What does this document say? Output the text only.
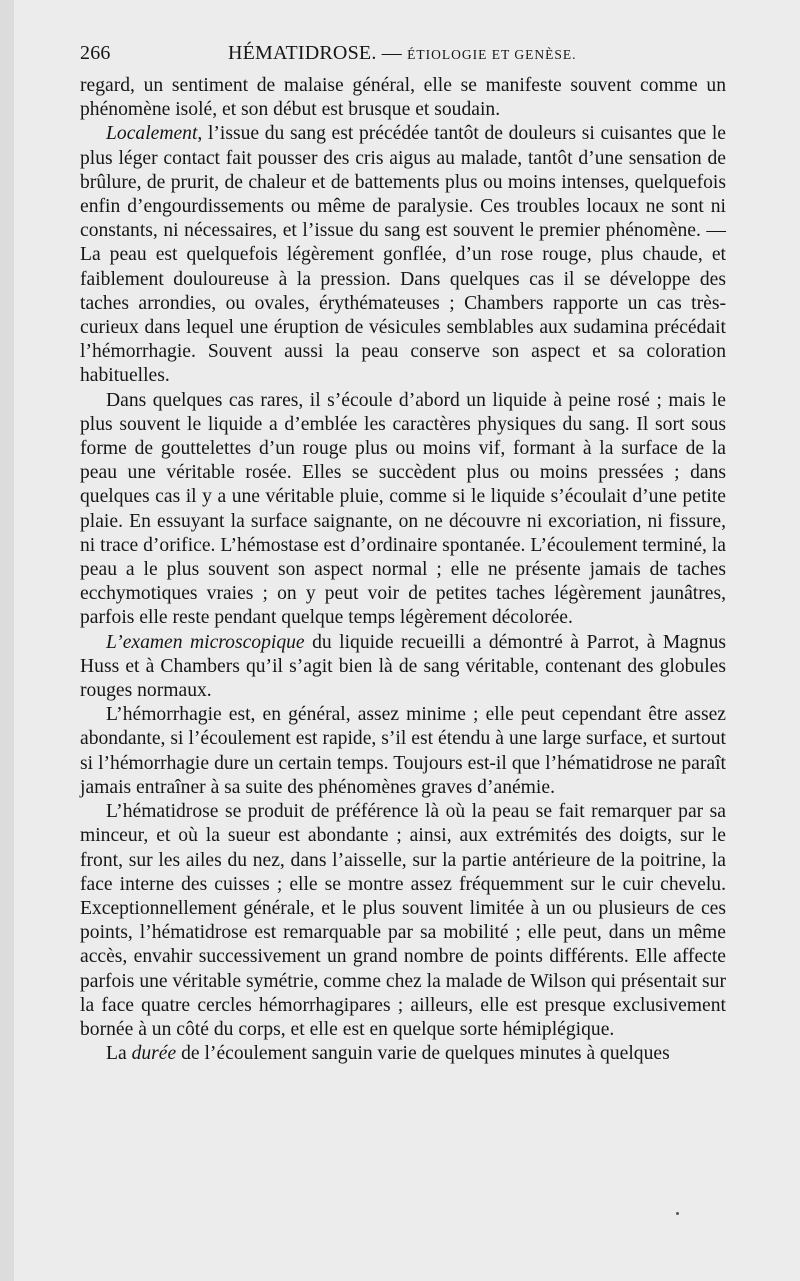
266	HÉMATIDROSE. — ÉTIOLOGIE ET GENÈSE.

regard, un sentiment de malaise général, elle se manifeste souvent comme un phénomène isolé, et son début est brusque et soudain.

Localement, l’issue du sang est précédée tantôt de douleurs si cuisantes que le plus léger contact fait pousser des cris aigus au malade, tantôt d’une sensation de brûlure, de prurit, de chaleur et de battements plus ou moins intenses, quelquefois enfin d’engourdissements ou même de paralysie. Ces troubles locaux ne sont ni constants, ni nécessaires, et l’issue du sang est souvent le premier phénomène. — La peau est quelquefois légèrement gonflée, d’un rose rouge, plus chaude, et faiblement douloureuse à la pression. Dans quelques cas il se développe des taches arrondies, ou ovales, érythémateuses ; Chambers rapporte un cas très-curieux dans lequel une éruption de vésicules semblables aux sudamina précédait l’hémorrhagie. Souvent aussi la peau conserve son aspect et sa coloration habituelles.

Dans quelques cas rares, il s’écoule d’abord un liquide à peine rosé ; mais le plus souvent le liquide a d’emblée les caractères physiques du sang. Il sort sous forme de gouttelettes d’un rouge plus ou moins vif, formant à la surface de la peau une véritable rosée. Elles se succèdent plus ou moins pressées ; dans quelques cas il y a une véritable pluie, comme si le liquide s’écoulait d’une petite plaie. En essuyant la surface saignante, on ne découvre ni excoriation, ni fissure, ni trace d’orifice. L’hémostase est d’ordinaire spontanée. L’écoulement terminé, la peau a le plus souvent son aspect normal ; elle ne présente jamais de taches ecchymotiques vraies ; on y peut voir de petites taches légèrement jaunâtres, parfois elle reste pendant quelque temps légèrement décolorée.

L’examen microscopique du liquide recueilli a démontré à Parrot, à Magnus Huss et à Chambers qu’il s’agit bien là de sang véritable, contenant des globules rouges normaux.

L’hémorrhagie est, en général, assez minime ; elle peut cependant être assez abondante, si l’écoulement est rapide, s’il est étendu à une large surface, et surtout si l’hémorrhagie dure un certain temps. Toujours est-il que l’hématidrose ne paraît jamais entraîner à sa suite des phénomènes graves d’anémie.

L’hématidrose se produit de préférence là où la peau se fait remarquer par sa minceur, et où la sueur est abondante ; ainsi, aux extrémités des doigts, sur le front, sur les ailes du nez, dans l’aisselle, sur la partie antérieure de la poitrine, la face interne des cuisses ; elle se montre assez fréquemment sur le cuir chevelu. Exceptionnellement générale, et le plus souvent limitée à un ou plusieurs de ces points, l’hématidrose est remarquable par sa mobilité ; elle peut, dans un même accès, envahir successivement un grand nombre de points différents. Elle affecte parfois une véritable symétrie, comme chez la malade de Wilson qui présentait sur la face quatre cercles hémorrhagipares ; ailleurs, elle est presque exclusivement bornée à un côté du corps, et elle est en quelque sorte hémiplégique.

La durée de l’écoulement sanguin varie de quelques minutes à quelques
